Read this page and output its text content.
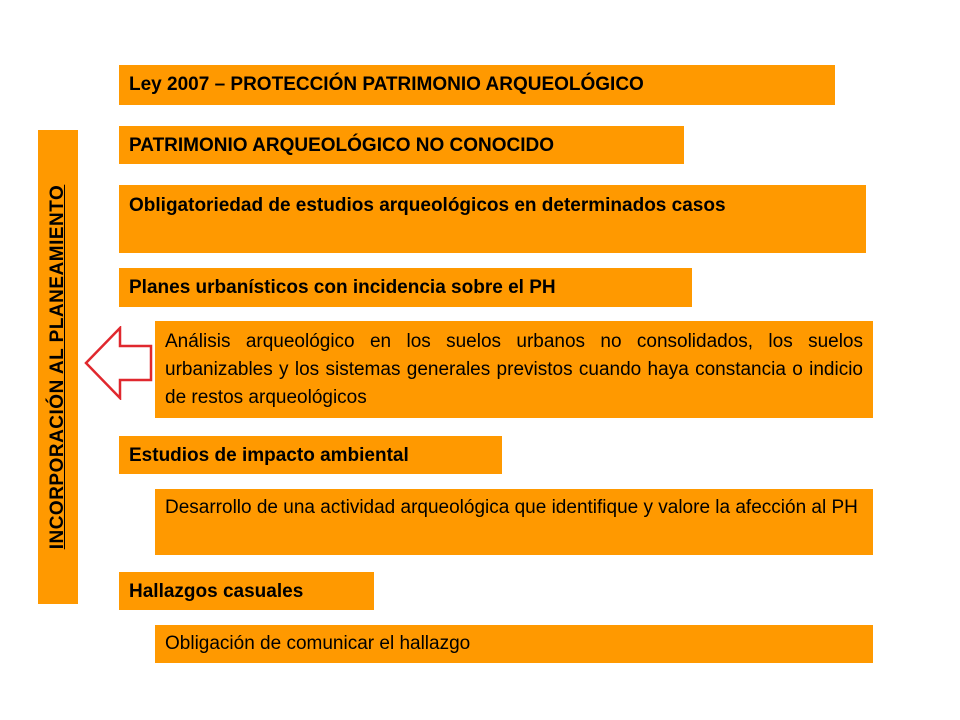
INCORPORACIÓN AL PLANEAMIENTO
Ley 2007 – PROTECCIÓN PATRIMONIO ARQUEOLÓGICO
PATRIMONIO ARQUEOLÓGICO NO CONOCIDO
Obligatoriedad de estudios arqueológicos en determinados casos
Planes urbanísticos con incidencia sobre el PH
Análisis arqueológico en los suelos urbanos no consolidados, los suelos urbanizables y los sistemas generales previstos cuando haya constancia o indicio de restos arqueológicos
Estudios de impacto ambiental
Desarrollo de una actividad arqueológica que identifique y valore la afección al PH
Hallazgos casuales
Obligación de comunicar el hallazgo
